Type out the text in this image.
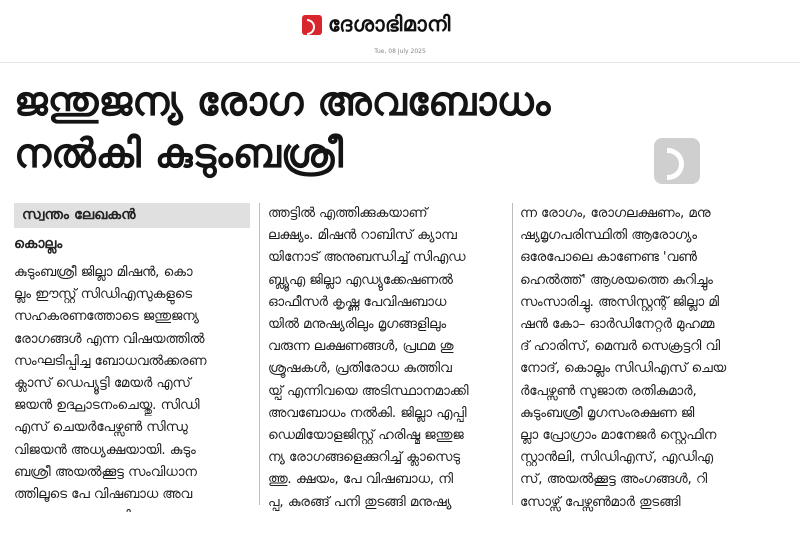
ദേശാഭിമാനി
Tue, 08 July 2025
ജന്തുജന്യ രോഗ അവബോധം
നൽകി കുടുംബശ്രീ
സ്വന്തം ലേഖകൻ
കൊല്ലം
കുടുംബശ്രീ ജില്ലാ മിഷൻ, കൊ
ല്ലം ഈസ്റ്റ് സിഡിഎസുകളുടെ
സഹകരണത്തോടെ ജന്തുജന്യ
രോഗങ്ങൾ എന്ന വിഷയത്തിൽ
സംഘടിപ്പിച്ച ബോധവൽക്കരണ
ക്ലാസ് ഡെപ്യൂട്ടി മേയർ എസ്
ജയൻ ഉദ്ഘാടനംചെയ്തു. സിഡി
എസ് ചെയർപേഴ്സൺ സിന്ധു
വിജയൻ അധ്യക്ഷയായി. കുടും
ബശ്രീ അയൽക്കൂട്ട സംവിധാന
ത്തിലൂടെ പേ വിഷബാധ അവ
ത്തട്ടിൽ എത്തിക്കുകയാണ്
ലക്ഷ്യം. മിഷൻ റാബിസ് ക്യാമ്പ
യിനോട് അനുബന്ധിച്ച് സിഎഡ
ബ്ല്യൂഎ ജില്ലാ എഡ്യുക്കേഷണൽ
ഓഫീസർ കൃഷ്ണ പേവിഷബാധ
യിൽ മനുഷ്യരിലും മൃഗങ്ങളിലും
വരുന്ന ലക്ഷണങ്ങൾ, പ്രഥമ ശു
ശ്രൂഷകൾ, പ്രതിരോധ കുത്തിവ
യ്പ് എന്നിവയെ അടിസ്ഥാനമാക്കി
അവബോധം നൽകി. ജില്ലാ എപ്പി
ഡെമിയോളജിസ്റ്റ് ഹരിഷ്മ ജന്തുജ
ന്യ രോഗങ്ങളെക്കുറിച്ച് ക്ലാസെടു
ത്തു. ക്ഷയം, പേ വിഷബാധ, നി
പ്പ, കുരങ്ങ് പനി തുടങ്ങി മനുഷ്യ
ന്ന രോഗം, രോഗലക്ഷണം, മനു
ഷ്യമൃഗപരിസ്ഥിതി ആരോഗ്യം
ഒരേപോലെ കാണേണ്ട 'വൺ
ഹെൽത്ത്' ആശയത്തെ കുറിച്ചും
സംസാരിച്ചു. അസിസ്റ്റന്റ് ജില്ലാ മി
ഷൻ കോ– ഓർഡിനേറ്റർ മുഹമ്മ
ദ് ഹാരിസ്, മെമ്പർ സെക്രട്ടറി വി
നോദ്, കൊല്ലം സിഡിഎസ് ചെയ
ർപേഴ്സൺ സുജാത രതികുമാർ,
കുടുംബശ്രീ മൃഗസംരക്ഷണ ജി
ല്ലാ പ്രോഗ്രാം മാനേജർ സ്റ്റെഫിന
സ്റ്റാൻലി, സിഡിഎസ്, എഡിഎ
സ്, അയൽക്കൂട്ട അംഗങ്ങൾ, റി
സോഴ്സ് പേഴ്സൺമാർ തുടങ്ങി
